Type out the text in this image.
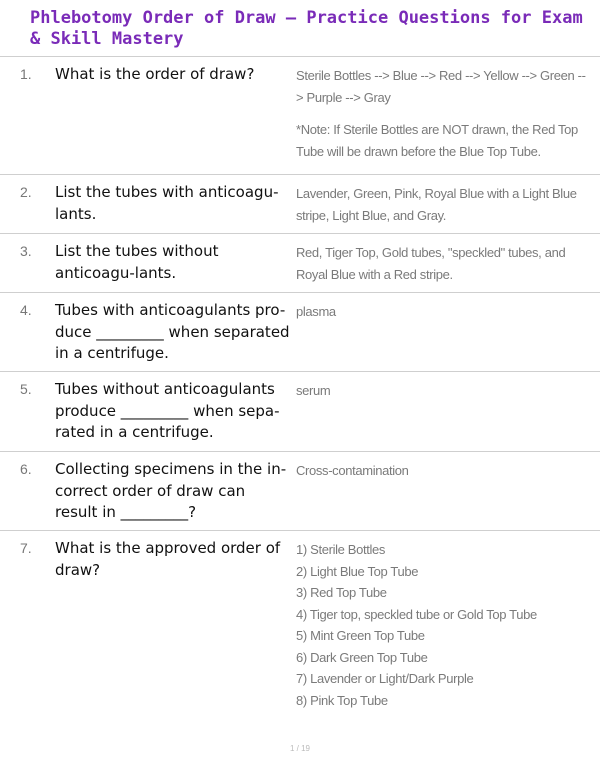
Phlebotomy Order of Draw – Practice Questions for Exam & Skill Mastery
1. What is the order of draw?	Sterile Bottles --> Blue --> Red --> Yellow --> Green --> Purple --> Gray

*Note: If Sterile Bottles are NOT drawn, the Red Top Tube will be drawn before the Blue Top Tube.

2. List the tubes with anticoagu-lants.
Lavender, Green, Pink, Royal Blue with a Light Blue stripe, Light Blue, and Gray.
3. List the tubes without anticoagu-lants.
Red, Tiger Top, Gold tubes, "speckled" tubes, and Royal Blue with a Red stripe.
4. Tubes with anticoagulants pro-duce _________ when separated in a centrifuge.
plasma
5. Tubes without anticoagulants produce _________ when sepa-rated in a centrifuge.
serum
6. Collecting specimens in the in-correct order of draw can result in _________?
Cross-contamination
7. What is the approved order of draw?
1) Sterile Bottles
2) Light Blue Top Tube
3) Red Top Tube
4) Tiger top, speckled tube or Gold Top Tube
5) Mint Green Top Tube
6) Dark Green Top Tube
7) Lavender or Light/Dark Purple
8) Pink Top Tube
1 / 19
